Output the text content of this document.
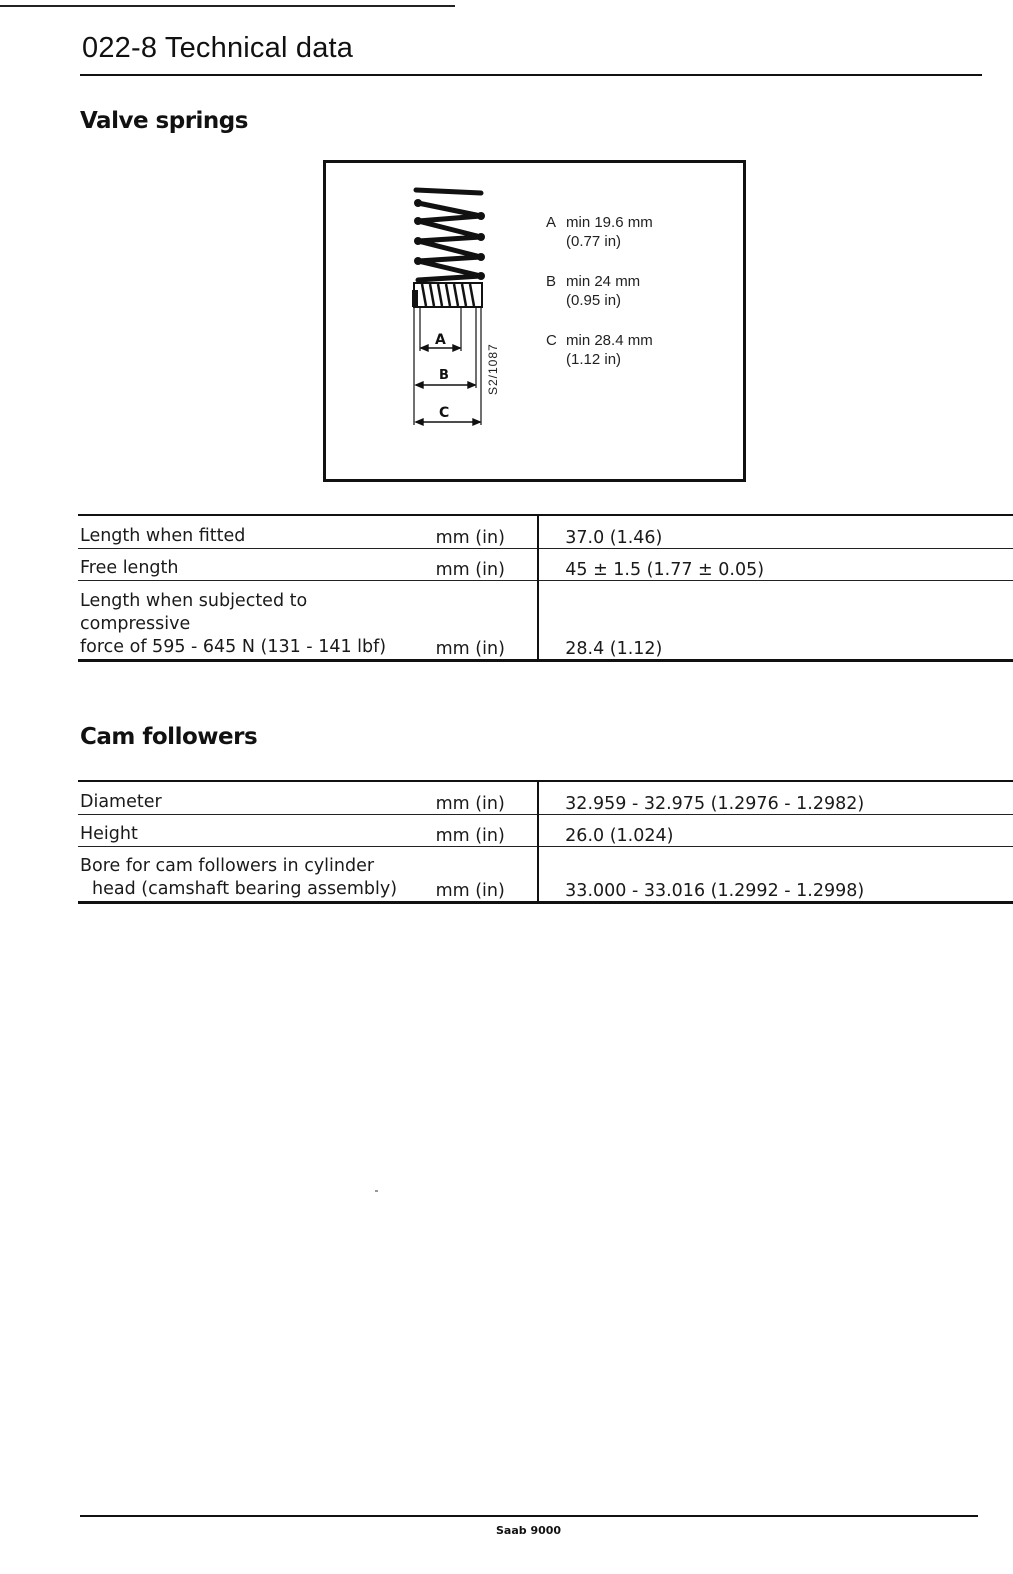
022-8 Technical data
Valve springs
A
B
C
S2/1087
A min 19.6 mm
(0.77 in)
B min 24 mm
(0.95 in)
C min 28.4 mm
(1.12 in)
Length when fitted	mm (in)	37.0 (1.46)
Free length	mm (in)	45 ± 1.5 (1.77 ± 0.05)

Length when subjected to
compressive
force of 595 - 645 N (131 - 141 lbf)	mm (in)	28.4 (1.12)
Cam followers
Diameter	mm (in)	32.959 - 32.975 (1.2976 - 1.2982)
Height	mm (in)	26.0 (1.024)

Bore for cam followers in cylinder
head (camshaft bearing assembly)	mm (in)	33.000 - 33.016 (1.2992 - 1.2998)
Saab 9000
